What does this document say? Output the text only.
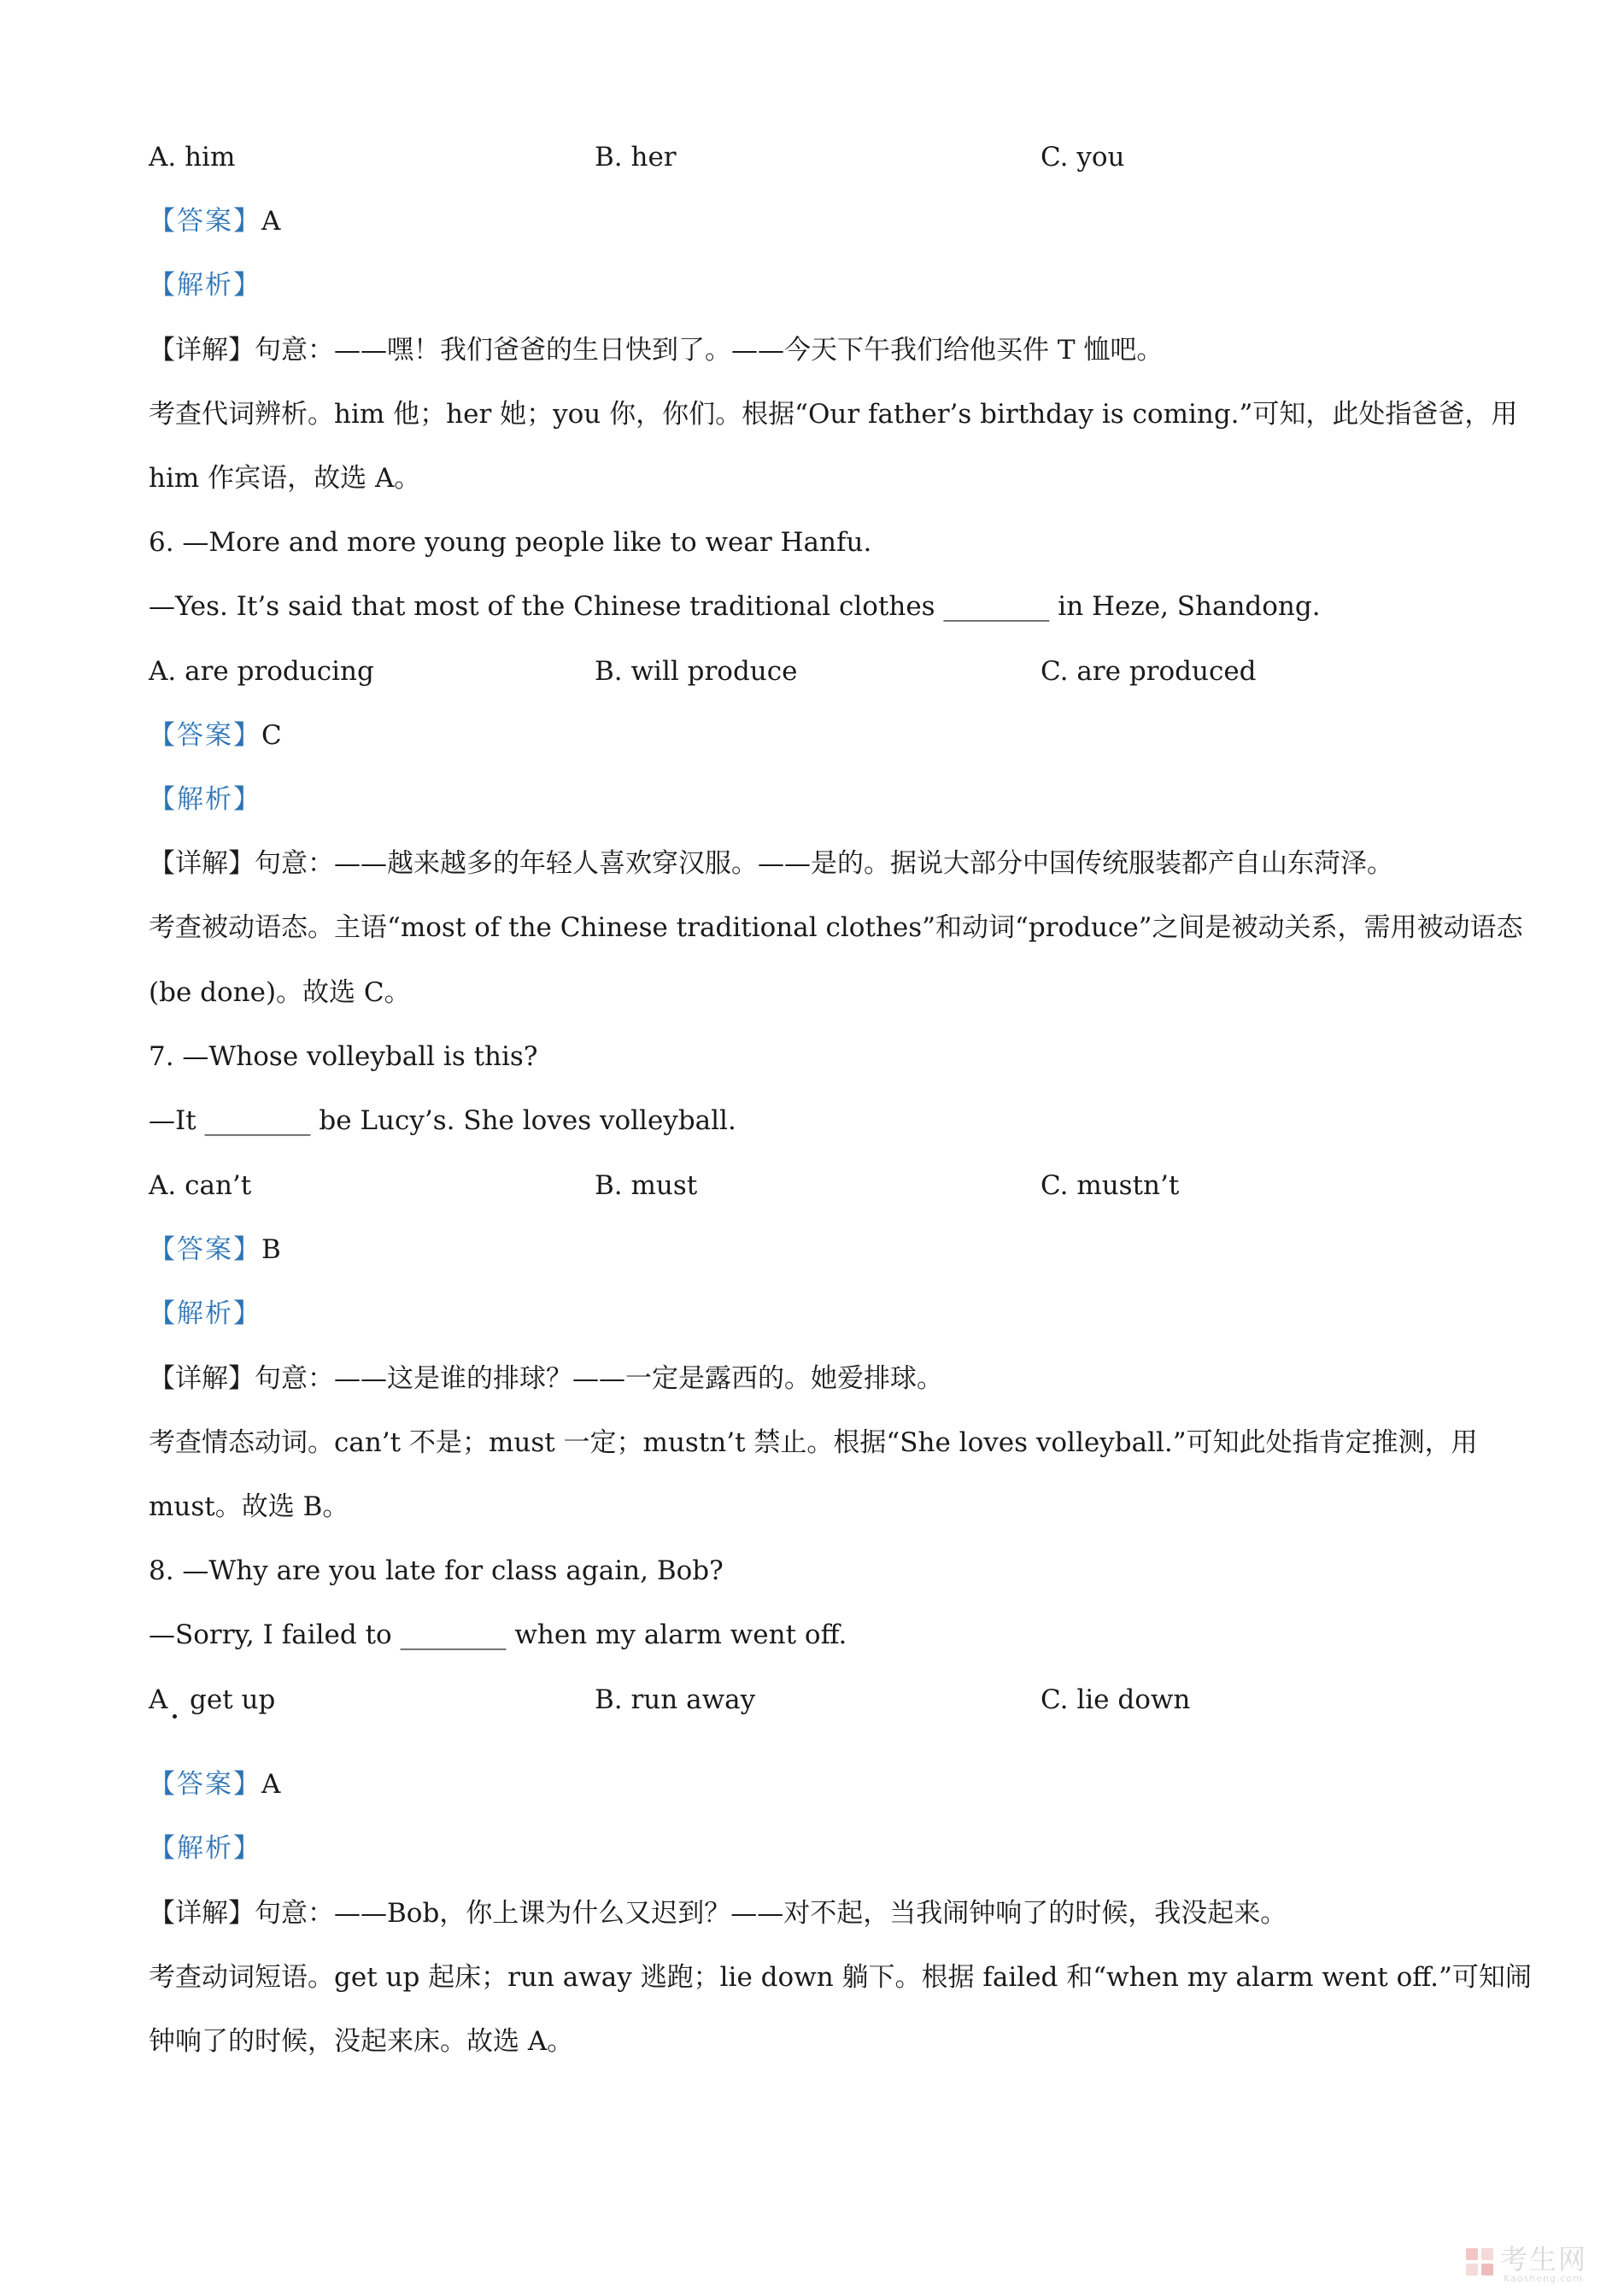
A. him	B. her	C. you
【答案】A
【解析】
【详解】句意：——嘿！我们爸爸的生日快到了。——今天下午我们给他买件 T 恤吧。
考查代词辨析。him 他；her 她；you 你，你们。根据“Our father’s birthday is coming.”可知，此处指爸爸，用
him 作宾语，故选 A。
6. —More and more young people like to wear Hanfu.
—Yes. It’s said that most of the Chinese traditional clothes ________ in Heze, Shandong.
A. are producing	B. will produce	C. are produced
【答案】C
【解析】
【详解】句意：——越来越多的年轻人喜欢穿汉服。——是的。据说大部分中国传统服装都产自山东菏泽。
考查被动语态。主语“most of the Chinese traditional clothes”和动词“produce”之间是被动关系，需用被动语态
(be done)。故选 C。
7. —Whose volleyball is this?
—It ________ be Lucy’s. She loves volleyball.
A. can’t	B. must	C. mustn’t
【答案】B
【解析】
【详解】句意：——这是谁的排球？——一定是露西的。她爱排球。
考查情态动词。can’t 不是；must 一定；mustn’t 禁止。根据“She loves volleyball.”可知此处指肯定推测，用
must。故选 B。
8. —Why are you late for class again, Bob?
—Sorry, I failed to ________ when my alarm went off.
A get up	B. run away	C. lie down
【答案】A
【解析】
【详解】句意：——Bob，你上课为什么又迟到？——对不起，当我闹钟响了的时候，我没起来。
考查动词短语。get up 起床；run away 逃跑；lie down 躺下。根据 failed 和“when my alarm went off.”可知闹
钟响了的时候，没起来床。故选 A。
考生网
Kaosheng.com
